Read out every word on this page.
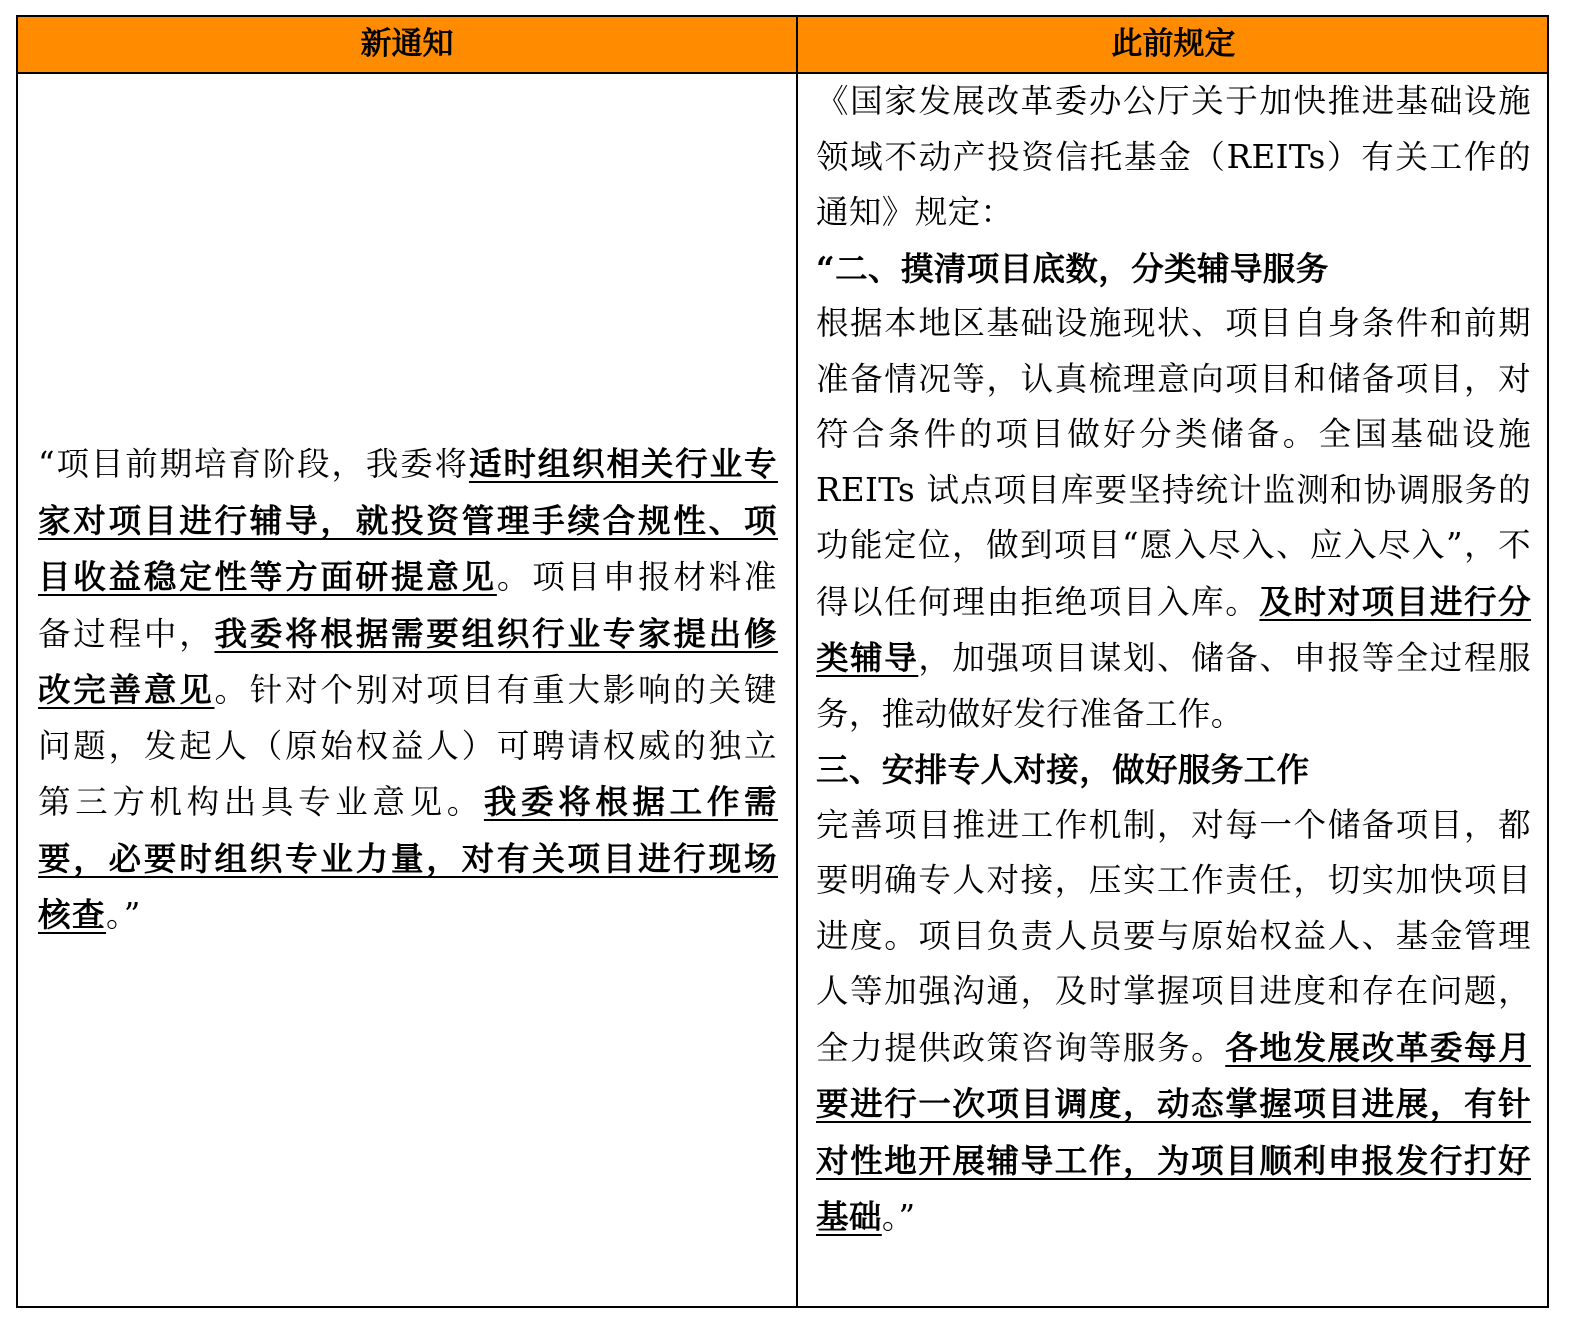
新通知	此前规定
“项目前期培育阶段，我委将适时组织相关行业专家对项目进行辅导，就投资管理手续合规性、项目收益稳定性等方面研提意见。项目申报材料准备过程中，我委将根据需要组织行业专家提出修改完善意见。针对个别对项目有重大影响的关键问题，发起人（原始权益人）可聘请权威的独立第三方机构出具专业意见。我委将根据工作需要，必要时组织专业力量，对有关项目进行现场核查。”

《国家发展改革委办公厅关于加快推进基础设施领域不动产投资信托基金（REITs）有关工作的通知》规定：

“二、摸清项目底数，分类辅导服务

根据本地区基础设施现状、项目自身条件和前期准备情况等，认真梳理意向项目和储备项目，对符合条件的项目做好分类储备。全国基础设施 REITs 试点项目库要坚持统计监测和协调服务的功能定位，做到项目“愿入尽入、应入尽入”，不得以任何理由拒绝项目入库。及时对项目进行分类辅导，加强项目谋划、储备、申报等全过程服务，推动做好发行准备工作。

三、安排专人对接，做好服务工作

完善项目推进工作机制，对每一个储备项目，都要明确专人对接，压实工作责任，切实加快项目进度。项目负责人员要与原始权益人、基金管理人等加强沟通，及时掌握项目进度和存在问题，全力提供政策咨询等服务。各地发展改革委每月要进行一次项目调度，动态掌握项目进展，有针对性地开展辅导工作，为项目顺利申报发行打好基础。”
